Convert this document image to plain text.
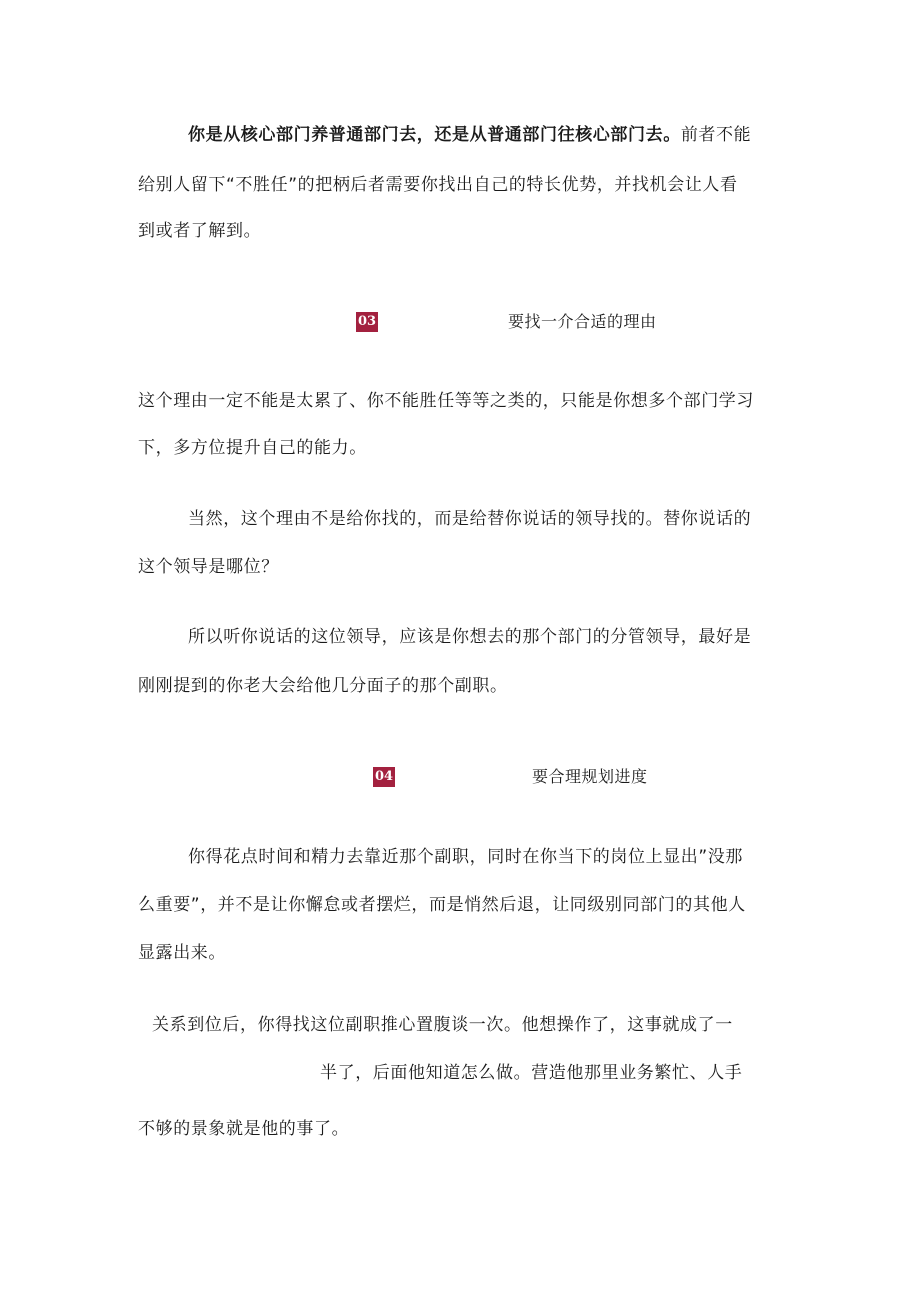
你是从核心部门养普通部门去，还是从普通部门往核心部门去。前者不能
给别人留下“不胜任”的把柄后者需要你找出自己的特长优势，并找机会让人看
到或者了解到。
03	要找一介合适的理由
这个理由一定不能是太累了、你不能胜任等等之类的，只能是你想多个部门学习
下，多方位提升自己的能力。
当然，这个理由不是给你找的，而是给替你说话的领导找的。替你说话的
这个领导是哪位？
所以听你说话的这位领导，应该是你想去的那个部门的分管领导，最好是
刚刚提到的你老大会给他几分面子的那个副职。
04	要合理规划进度
你得花点时间和精力去靠近那个副职，同时在你当下的岗位上显出”没那
么重要”，并不是让你懈怠或者摆烂，而是悄然后退，让同级别同部门的其他人
显露出来。
关系到位后，你得找这位副职推心置腹谈一次。他想操作了，这事就成了一
半了，后面他知道怎么做。营造他那里业务繁忙、人手
不够的景象就是他的事了。
